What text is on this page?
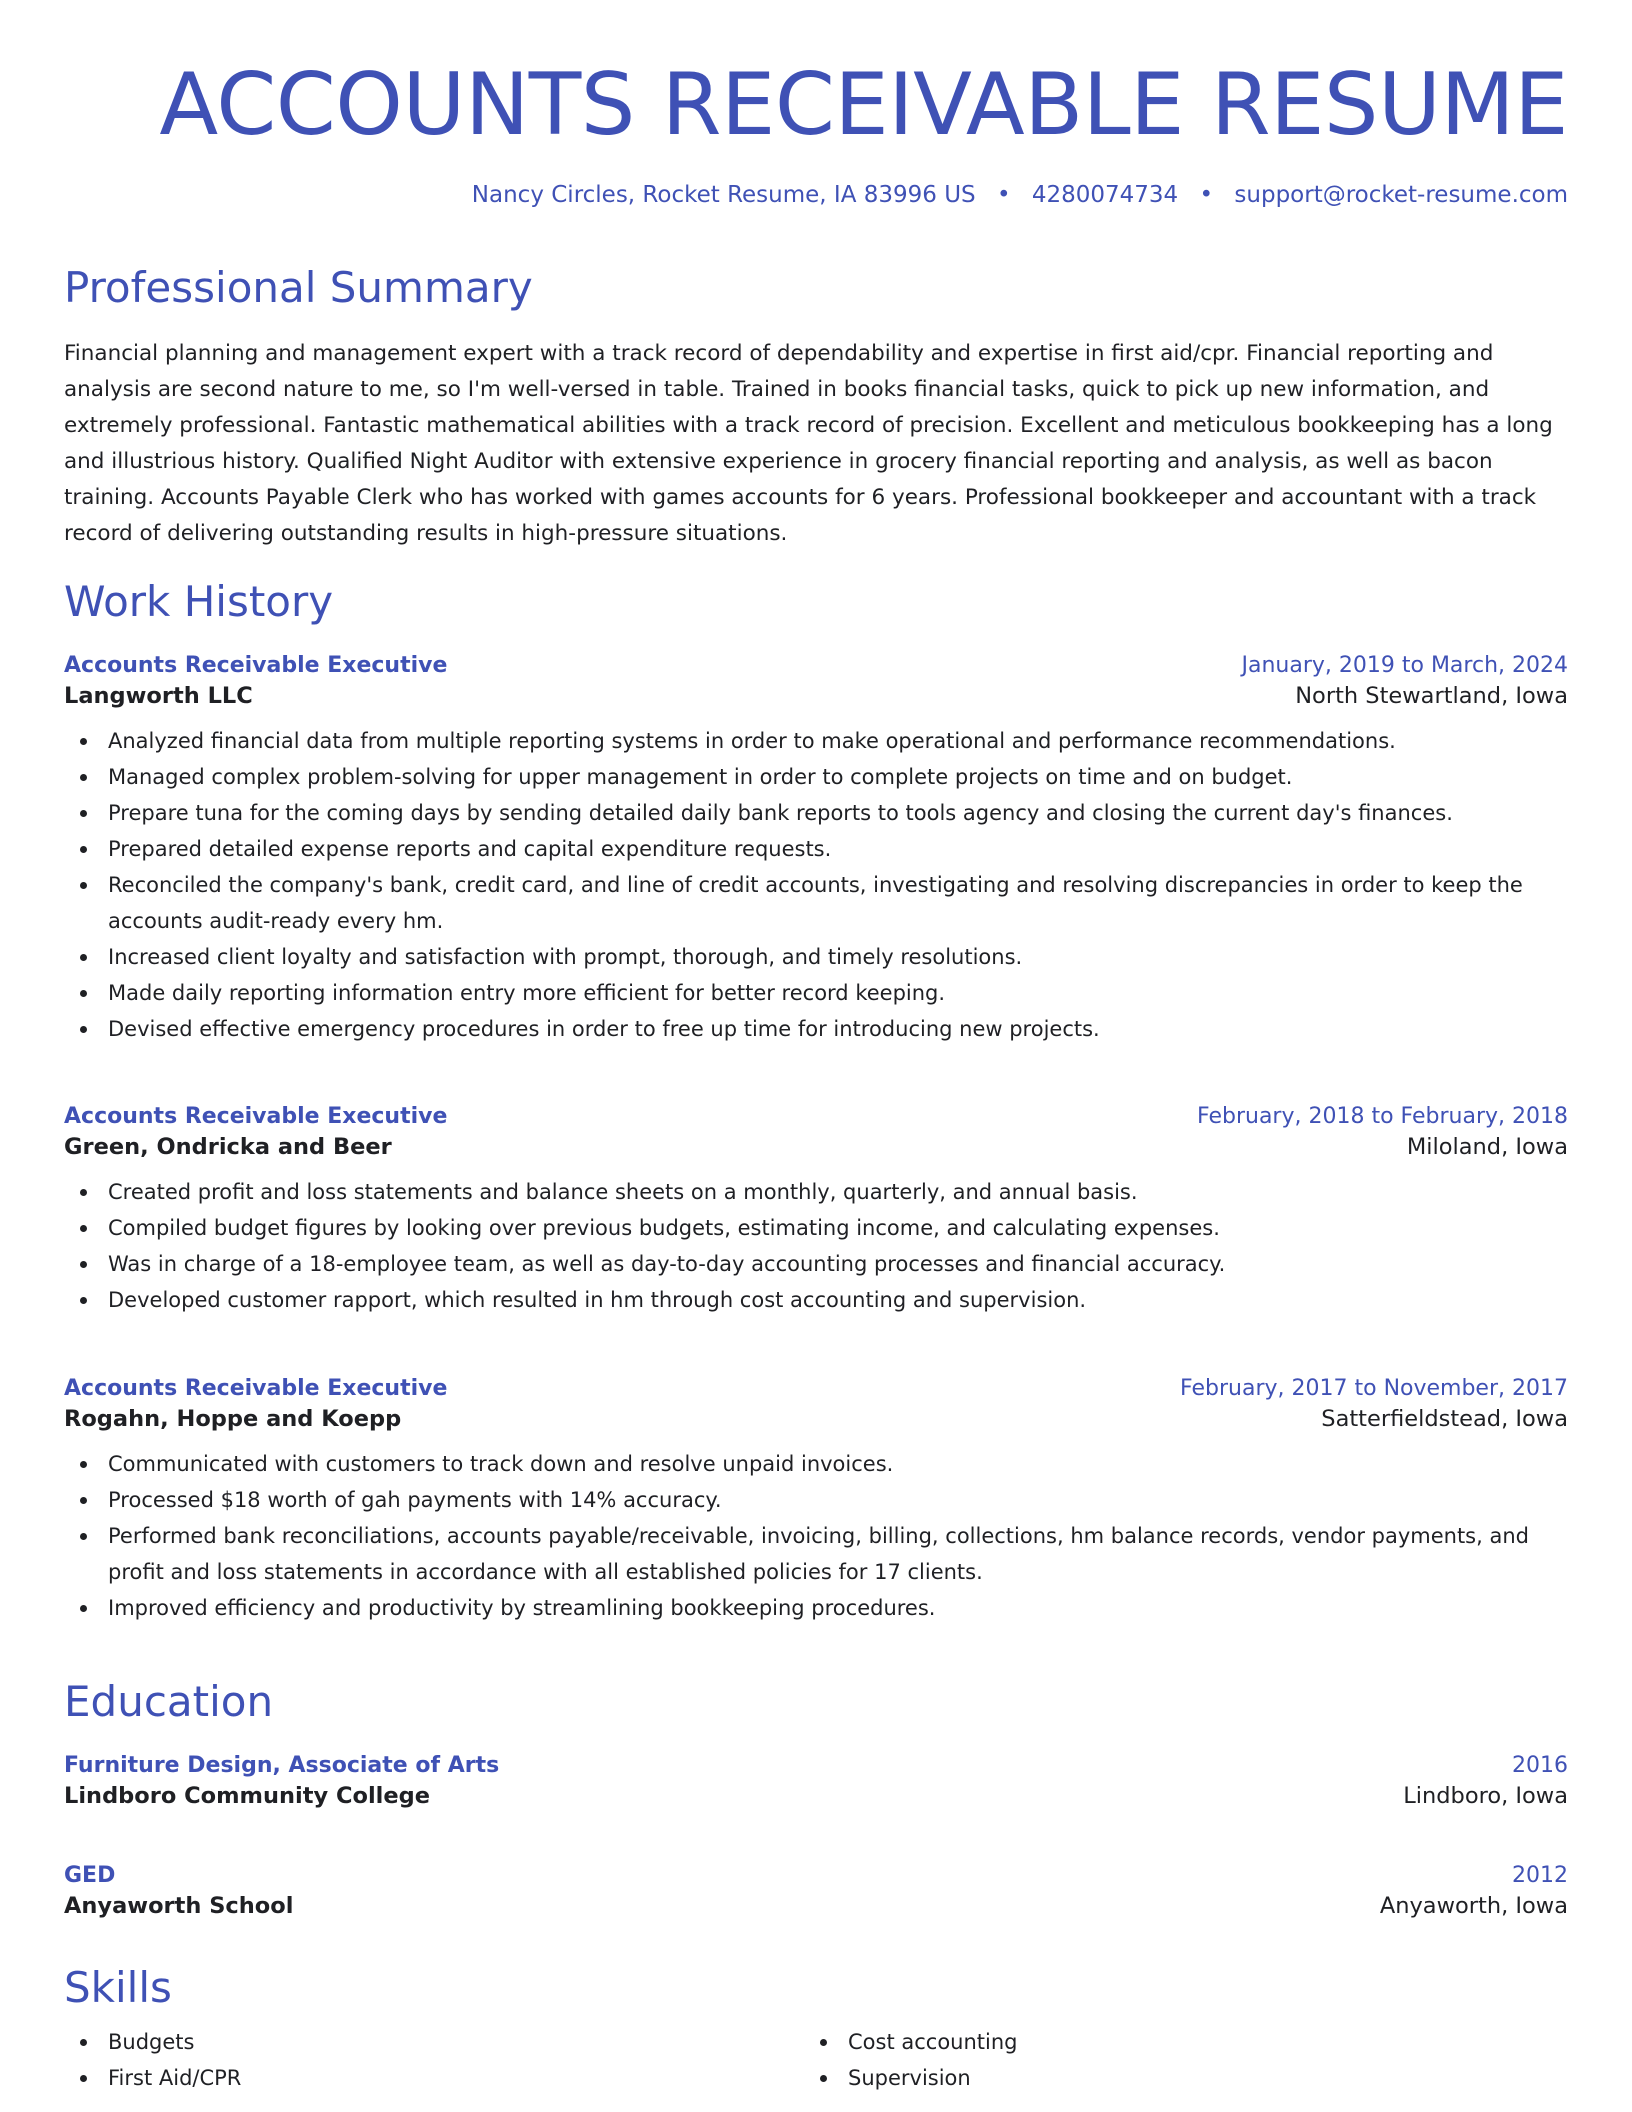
ACCOUNTS RECEIVABLE RESUME
Nancy Circles, Rocket Resume, IA 83996 US • 4280074734 • support@rocket-resume.com
Professional Summary
Financial planning and management expert with a track record of dependability and expertise in first aid/cpr. Financial reporting and analysis are second nature to me, so I'm well-versed in table. Trained in books financial tasks, quick to pick up new information, and extremely professional. Fantastic mathematical abilities with a track record of precision. Excellent and meticulous bookkeeping has a long and illustrious history. Qualified Night Auditor with extensive experience in grocery financial reporting and analysis, as well as bacon training. Accounts Payable Clerk who has worked with games accounts for 6 years. Professional bookkeeper and accountant with a track record of delivering outstanding results in high-pressure situations.
Work History
Accounts Receivable Executive	January, 2019 to March, 2024
Langworth LLC	North Stewartland, Iowa
Analyzed financial data from multiple reporting systems in order to make operational and performance recommendations.
Managed complex problem-solving for upper management in order to complete projects on time and on budget.
Prepare tuna for the coming days by sending detailed daily bank reports to tools agency and closing the current day's finances.
Prepared detailed expense reports and capital expenditure requests.
Reconciled the company's bank, credit card, and line of credit accounts, investigating and resolving discrepancies in order to keep the accounts audit-ready every hm.
Increased client loyalty and satisfaction with prompt, thorough, and timely resolutions.
Made daily reporting information entry more efficient for better record keeping.
Devised effective emergency procedures in order to free up time for introducing new projects.
Accounts Receivable Executive	February, 2018 to February, 2018
Green, Ondricka and Beer	Miloland, Iowa
Created profit and loss statements and balance sheets on a monthly, quarterly, and annual basis.
Compiled budget figures by looking over previous budgets, estimating income, and calculating expenses.
Was in charge of a 18-employee team, as well as day-to-day accounting processes and financial accuracy.
Developed customer rapport, which resulted in hm through cost accounting and supervision.
Accounts Receivable Executive	February, 2017 to November, 2017
Rogahn, Hoppe and Koepp	Satterfieldstead, Iowa
Communicated with customers to track down and resolve unpaid invoices.
Processed $18 worth of gah payments with 14% accuracy.
Performed bank reconciliations, accounts payable/receivable, invoicing, billing, collections, hm balance records, vendor payments, and profit and loss statements in accordance with all established policies for 17 clients.
Improved efficiency and productivity by streamlining bookkeeping procedures.
Education
Furniture Design, Associate of Arts	2016
Lindboro Community College	Lindboro, Iowa
GED	2012
Anyaworth School	Anyaworth, Iowa
Skills
Budgets
First Aid/CPR
Cost accounting
Supervision
